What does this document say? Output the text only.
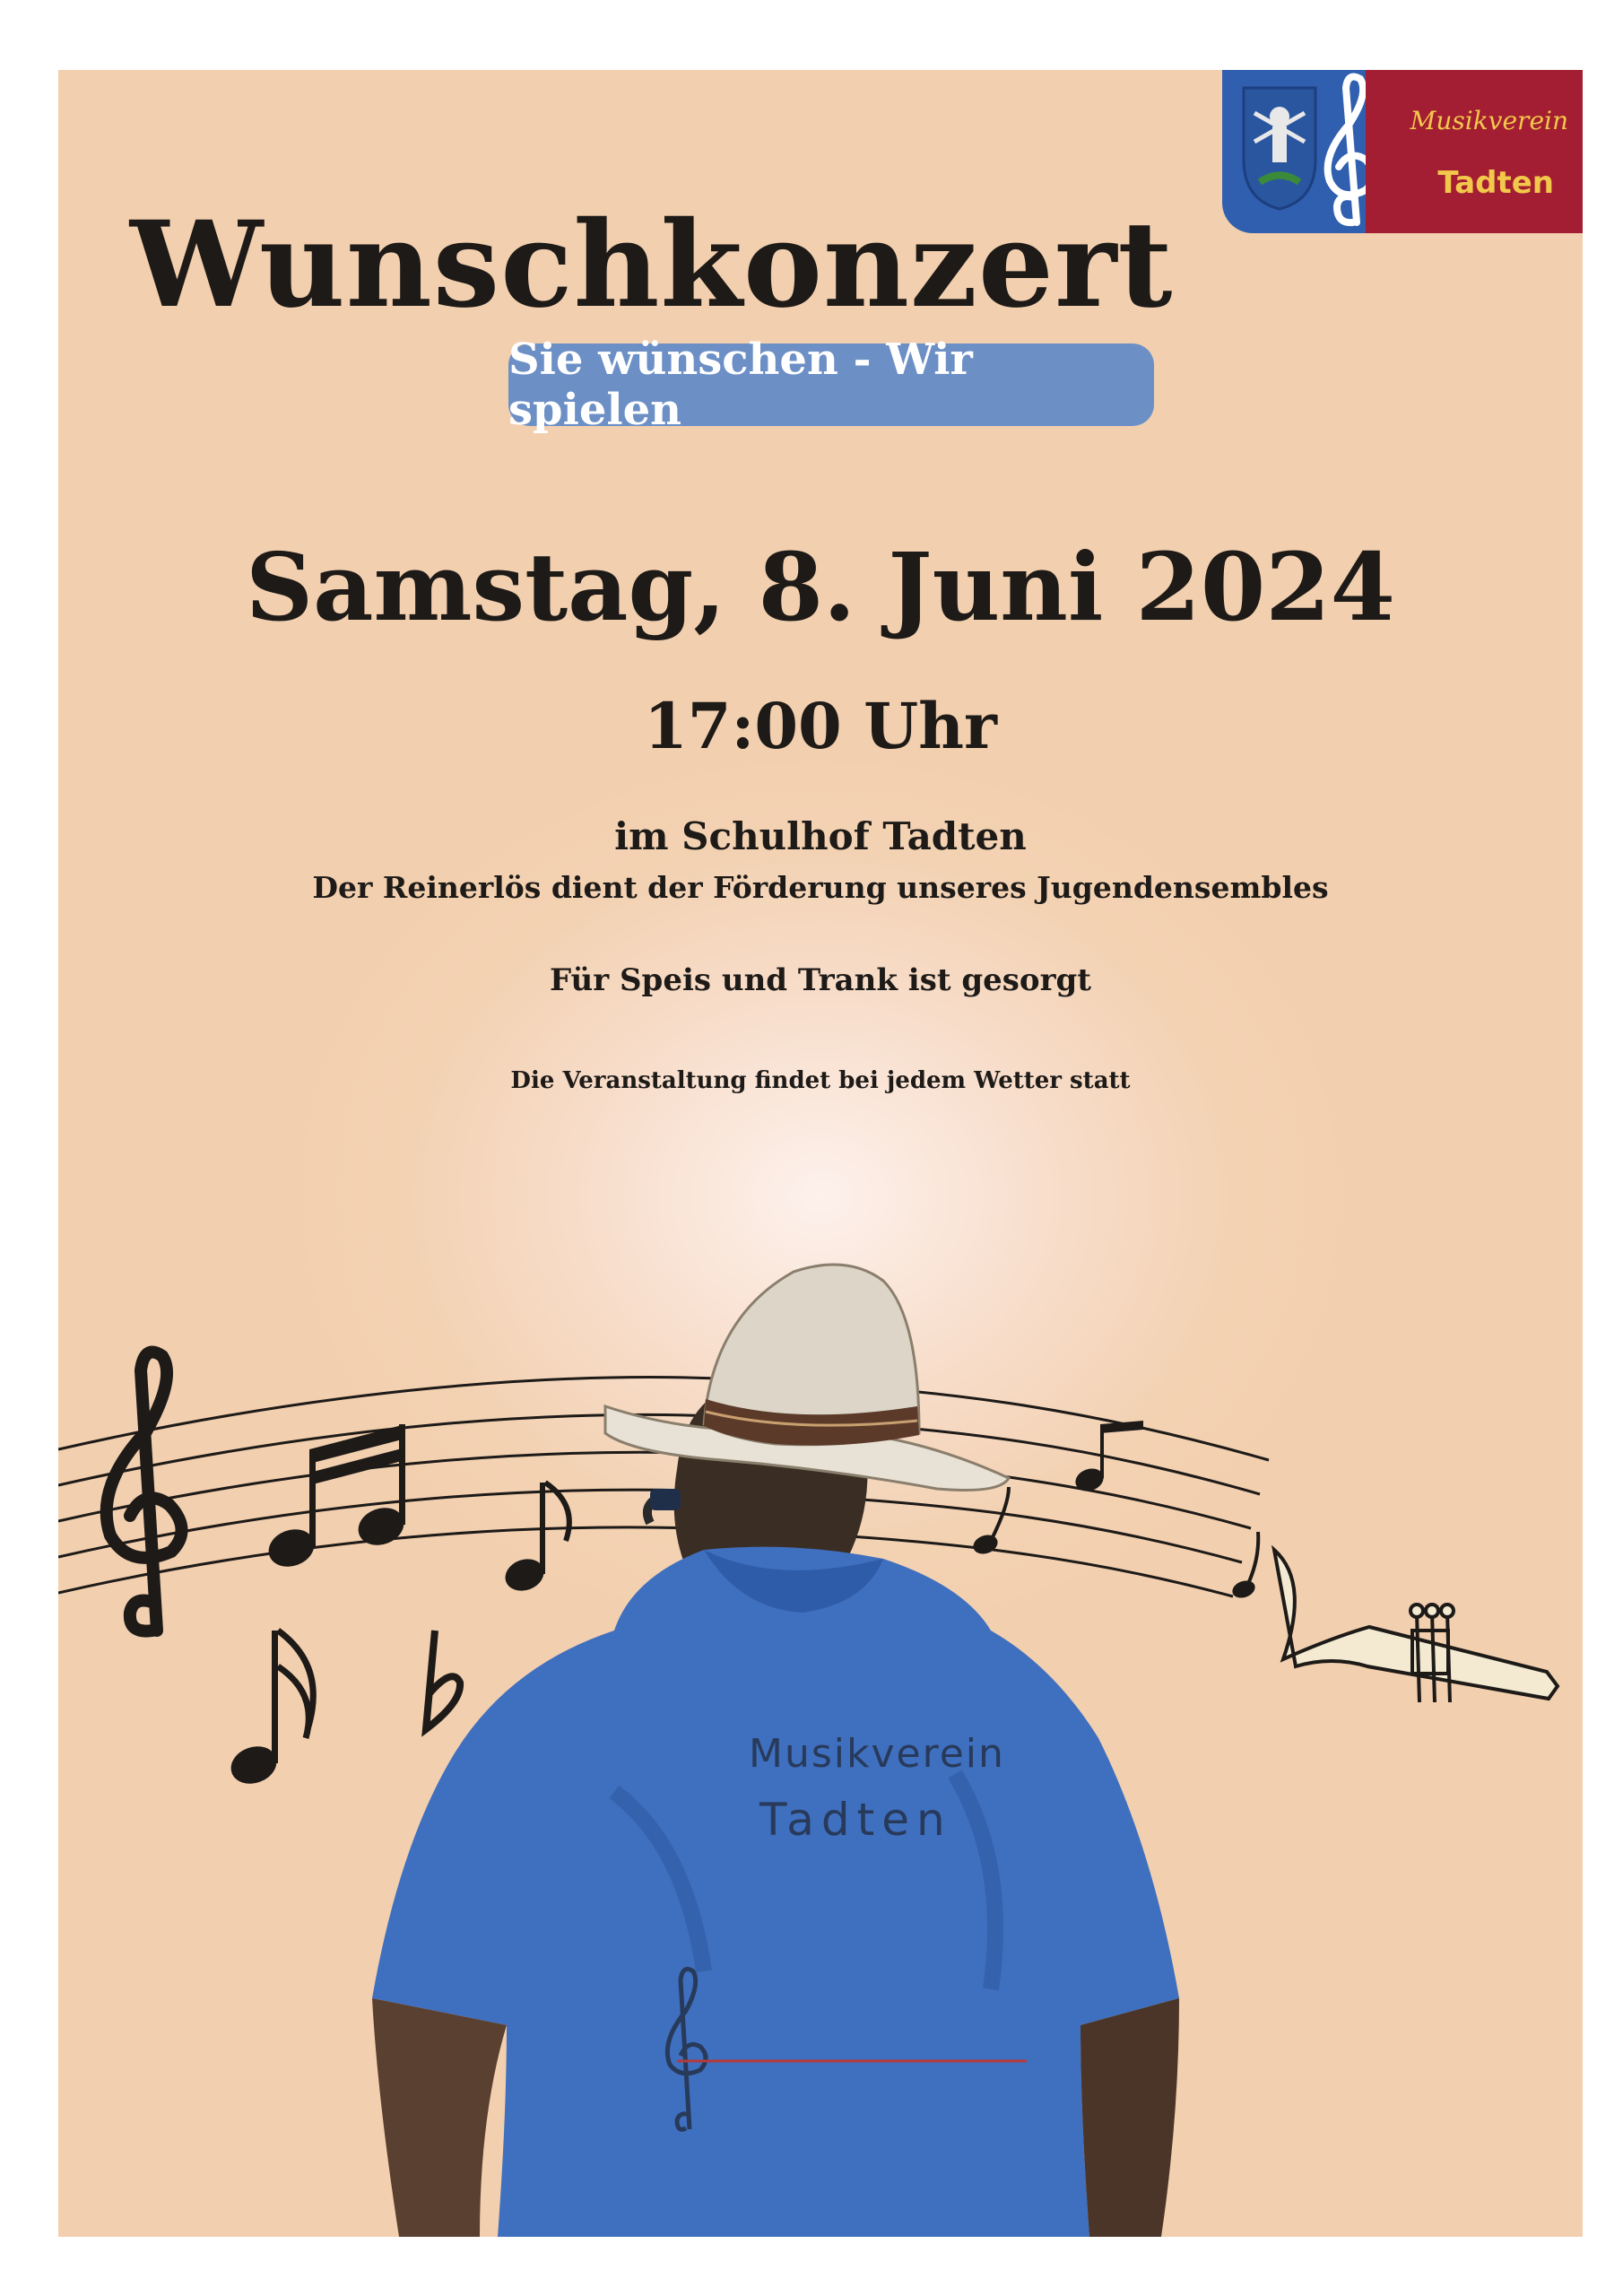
Musikverein
Tadten
Wunschkonzert
Sie wünschen - Wir spielen
Samstag, 8. Juni 2024
17:00 Uhr
im Schulhof Tadten
Der Reinerlös dient der Förderung unseres Jugendensembles
Für Speis und Trank ist gesorgt
Die Veranstaltung findet bei jedem Wetter statt
Musikverein
Tadten
